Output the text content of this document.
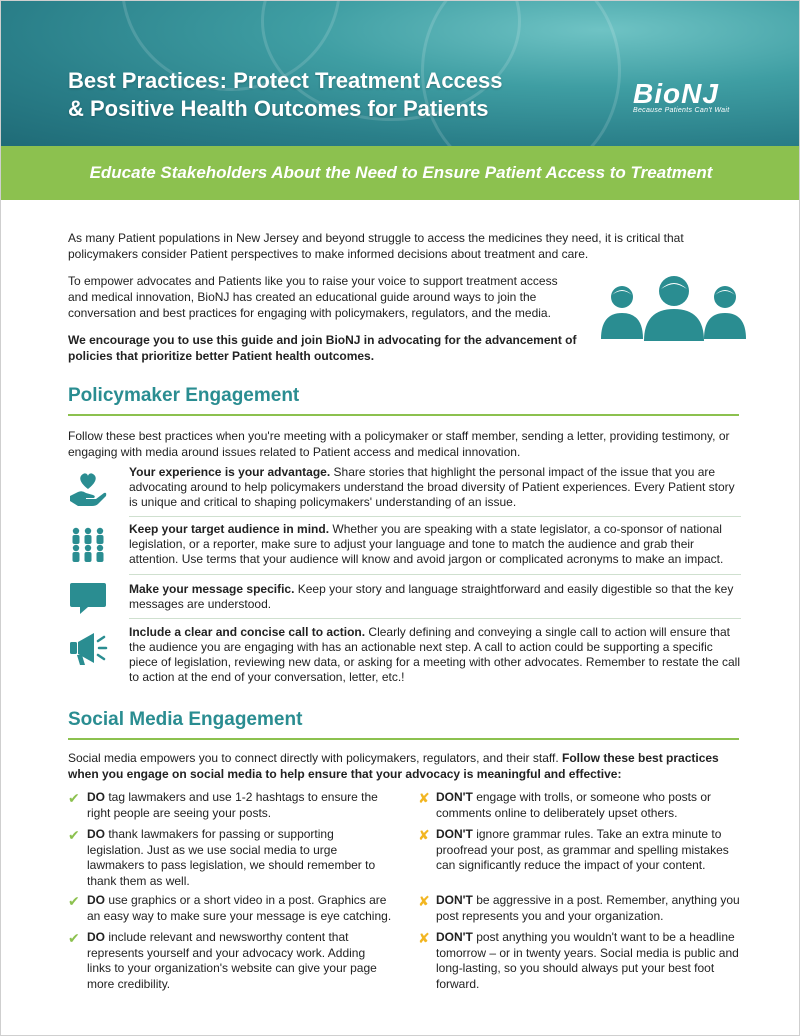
Best Practices: Protect Treatment Access
& Positive Health Outcomes for Patients	BioNJ
Because Patients Can't Wait
Educate Stakeholders About the Need to Ensure Patient Access to Treatment
As many Patient populations in New Jersey and beyond struggle to access the medicines they need, it is critical that policymakers consider Patient perspectives to make informed decisions about treatment and care.
To empower advocates and Patients like you to raise your voice to support treatment access and medical innovation, BioNJ has created an educational guide around ways to join the conversation and best practices for engaging with policymakers, regulators, and the media.
We encourage you to use this guide and join BioNJ in advocating for the advancement of policies that prioritize better Patient health outcomes.
Policymaker Engagement
Follow these best practices when you're meeting with a policymaker or staff member, sending a letter, providing testimony, or engaging with media around issues related to Patient access and medical innovation.
Your experience is your advantage. Share stories that highlight the personal impact of the issue that you are advocating around to help policymakers understand the broad diversity of Patient experiences. Every Patient story is unique and critical to shaping policymakers' understanding of an issue.
Keep your target audience in mind. Whether you are speaking with a state legislator, a co-sponsor of national legislation, or a reporter, make sure to adjust your language and tone to match the audience and grab their attention. Use terms that your audience will know and avoid jargon or complicated acronyms to make an impact.
Make your message specific. Keep your story and language straightforward and easily digestible so that the key messages are understood.
Include a clear and concise call to action. Clearly defining and conveying a single call to action will ensure that the audience you are engaging with has an actionable next step. A call to action could be supporting a specific piece of legislation, reviewing new data, or asking for a meeting with other advocates. Remember to restate the call to action at the end of your conversation, letter, etc.!
Social Media Engagement
Social media empowers you to connect directly with policymakers, regulators, and their staff. Follow these best practices when you engage on social media to help ensure that your advocacy is meaningful and effective:
✔ DO tag lawmakers and use 1-2 hashtags to ensure the right people are seeing your posts.
✔ DO thank lawmakers for passing or supporting legislation. Just as we use social media to urge lawmakers to pass legislation, we should remember to thank them as well.
✔ DO use graphics or a short video in a post. Graphics are an easy way to make sure your message is eye catching.
✔ DO include relevant and newsworthy content that represents yourself and your advocacy work. Adding links to your organization's website can give your page more credibility.
✘ DON'T engage with trolls, or someone who posts or comments online to deliberately upset others.
✘ DON'T ignore grammar rules. Take an extra minute to proofread your post, as grammar and spelling mistakes can significantly reduce the impact of your content.
✘ DON'T be aggressive in a post. Remember, anything you post represents you and your organization.
✘ DON'T post anything you wouldn't want to be a headline tomorrow – or in twenty years. Social media is public and long-lasting, so you should always put your best foot forward.
